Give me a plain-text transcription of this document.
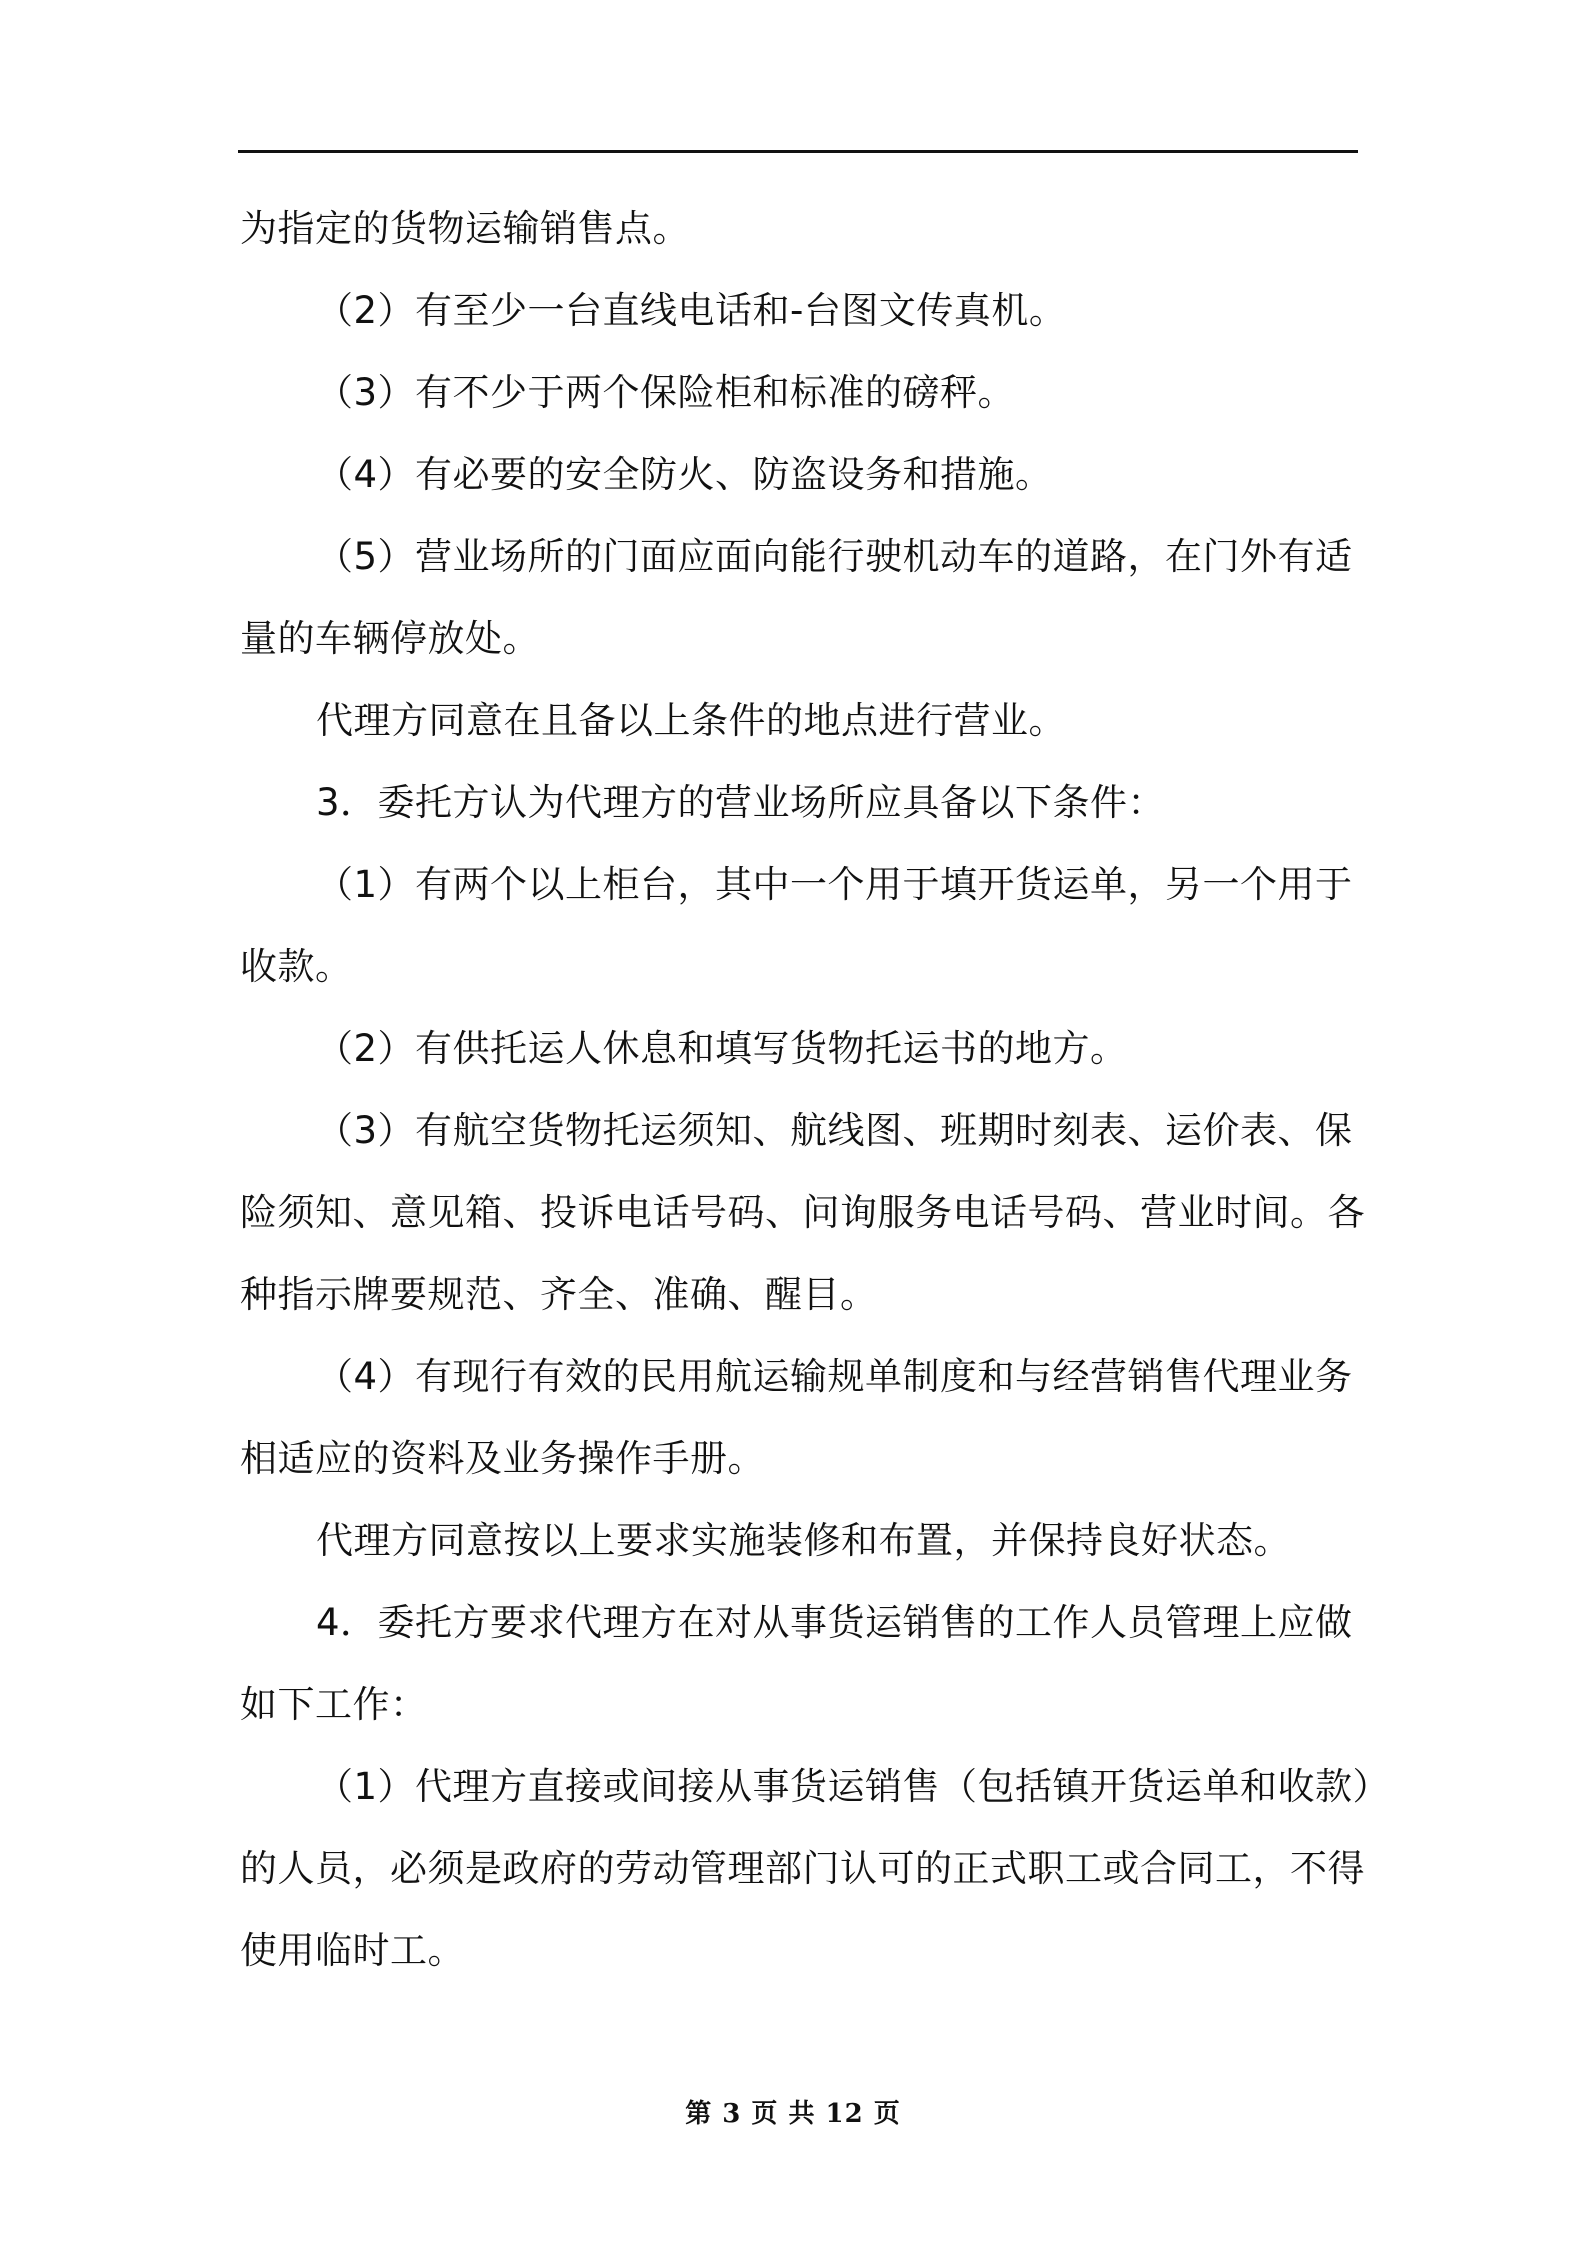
为指定的货物运输销售点。
（2）有至少一台直线电话和-台图文传真机。
（3）有不少于两个保险柜和标准的磅秤。
（4）有必要的安全防火、防盗设务和措施。
（5）营业场所的门面应面向能行驶机动车的道路，在门外有适
量的车辆停放处。
代理方同意在且备以上条件的地点进行营业。
3．委托方认为代理方的营业场所应具备以下条件：
（1）有两个以上柜台，其中一个用于填开货运单，另一个用于
收款。
（2）有供托运人休息和填写货物托运书的地方。
（3）有航空货物托运须知、航线图、班期时刻表、运价表、保
险须知、意见箱、投诉电话号码、问询服务电话号码、营业时间。各
种指示牌要规范、齐全、准确、醒目。
（4）有现行有效的民用航运输规单制度和与经营销售代理业务
相适应的资料及业务操作手册。
代理方同意按以上要求实施装修和布置，并保持良好状态。
4．委托方要求代理方在对从事货运销售的工作人员管理上应做
如下工作：
（1）代理方直接或间接从事货运销售（包括镇开货运单和收款）
的人员，必须是政府的劳动管理部门认可的正式职工或合同工，不得
使用临时工。
第 3 页 共 12 页
